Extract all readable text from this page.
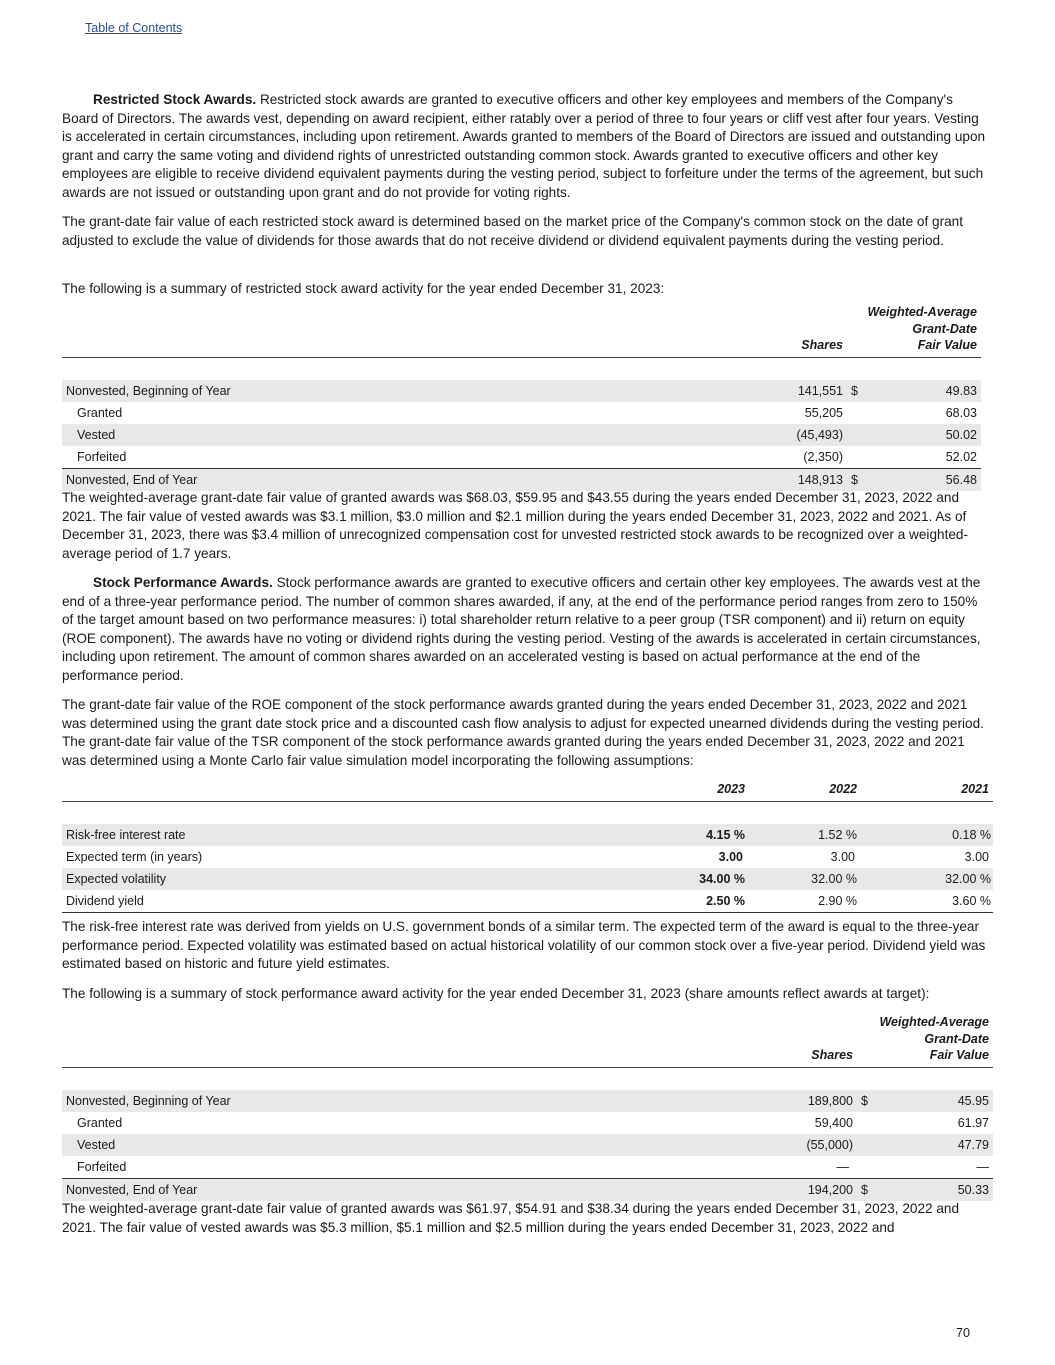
Table of Contents

Restricted Stock Awards. Restricted stock awards are granted to executive officers and other key employees and members of the Company's Board of Directors. The awards vest, depending on award recipient, either ratably over a period of three to four years or cliff vest after four years. Vesting is accelerated in certain circumstances, including upon retirement. Awards granted to members of the Board of Directors are issued and outstanding upon grant and carry the same voting and dividend rights of unrestricted outstanding common stock. Awards granted to executive officers and other key employees are eligible to receive dividend equivalent payments during the vesting period, subject to forfeiture under the terms of the agreement, but such awards are not issued or outstanding upon grant and do not provide for voting rights.

The grant-date fair value of each restricted stock award is determined based on the market price of the Company's common stock on the date of grant adjusted to exclude the value of dividends for those awards that do not receive dividend or dividend equivalent payments during the vesting period.

The following is a summary of restricted stock award activity for the year ended December 31, 2023:

	Shares	Weighted-Average
Grant-Date
Fair Value	

Nonvested, Beginning of Year	141,551	$	49.83
Granted	55,205		68.03
Vested	(45,493)		50.02
Forfeited	(2,350)		52.02
Nonvested, End of Year	148,913	$	56.48

The weighted-average grant-date fair value of granted awards was $68.03, $59.95 and $43.55 during the years ended December 31, 2023, 2022 and 2021. The fair value of vested awards was $3.1 million, $3.0 million and $2.1 million during the years ended December 31, 2023, 2022 and 2021. As of December 31, 2023, there was $3.4 million of unrecognized compensation cost for unvested restricted stock awards to be recognized over a weighted-average period of 1.7 years.

Stock Performance Awards. Stock performance awards are granted to executive officers and certain other key employees. The awards vest at the end of a three-year performance period. The number of common shares awarded, if any, at the end of the performance period ranges from zero to 150% of the target amount based on two performance measures: i) total shareholder return relative to a peer group (TSR component) and ii) return on equity (ROE component). The awards have no voting or dividend rights during the vesting period. Vesting of the awards is accelerated in certain circumstances, including upon retirement. The amount of common shares awarded on an accelerated vesting is based on actual performance at the end of the performance period.

The grant-date fair value of the ROE component of the stock performance awards granted during the years ended December 31, 2023, 2022 and 2021 was determined using the grant date stock price and a discounted cash flow analysis to adjust for expected unearned dividends during the vesting period. The grant-date fair value of the TSR component of the stock performance awards granted during the years ended December 31, 2023, 2022 and 2021 was determined using a Monte Carlo fair value simulation model incorporating the following assumptions:

	2023	2022	2021

Risk-free interest rate	4.15 %	1.52 %	0.18 %
Expected term (in years)	3.00	3.00	3.00
Expected volatility	34.00 %	32.00 %	32.00 %
Dividend yield	2.50 %	2.90 %	3.60 %

The risk-free interest rate was derived from yields on U.S. government bonds of a similar term. The expected term of the award is equal to the three-year performance period. Expected volatility was estimated based on actual historical volatility of our common stock over a five-year period. Dividend yield was estimated based on historic and future yield estimates.

The following is a summary of stock performance award activity for the year ended December 31, 2023 (share amounts reflect awards at target):

	Shares	Weighted-Average
Grant-Date
Fair Value	

Nonvested, Beginning of Year	189,800	$	45.95
Granted	59,400		61.97
Vested	(55,000)		47.79
Forfeited	—		—
Nonvested, End of Year	194,200	$	50.33

The weighted-average grant-date fair value of granted awards was $61.97, $54.91 and $38.34 during the years ended December 31, 2023, 2022 and 2021. The fair value of vested awards was $5.3 million, $5.1 million and $2.5 million during the years ended December 31, 2023, 2022 and

70
